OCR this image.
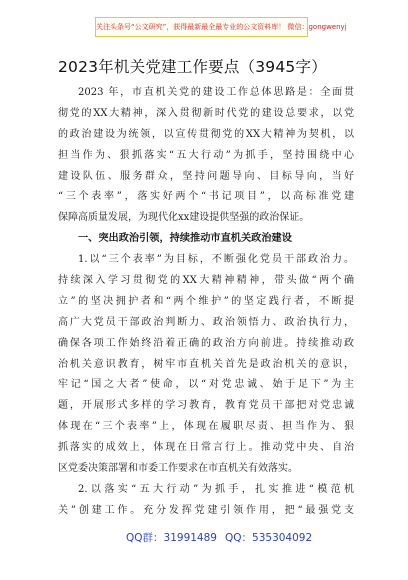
关注头条号“公文研究”，获得最新最全最专业的公文资料库！ 微信：gongwenyj
2023年机关党建工作要点（3945字）
2023 年，市直机关党的建设工作总体思路是：全面贯
彻党的XX大精神，深入贯彻新时代党的建设总要求，以党
的政治建设为统领，以宣传贯彻党的XX大精神为契机，以
担当作为、狠抓落实“五大行动”为抓手，坚持围绕中心
建设队伍、服务群众，坚持问题导向、目标导向，当好
“三个表率”，落实好两个“书记项目”，以高标准党建
保障高质量发展，为现代化xx建设提供坚强的政治保证。
一、突出政治引领，持续推动市直机关政治建设
1.以“三个表率”为目标，不断强化党员干部政治力。
持续深入学习贯彻党的XX大精神精神，带头做“两个确
立”的坚决拥护者和“两个维护”的坚定践行者，不断提
高广大党员干部政治判断力、政治领悟力、政治执行力，
确保各项工作始终沿着正确的政治方向前进。持续推动政
治机关意识教育，树牢市直机关首先是政治机关的意识，
牢记“国之大者”使命，以“对党忠诚、始于足下”为主
题，开展形式多样的学习教育，教育党员干部把对党忠诚
体现在“三个表率”上，体现在履职尽责、担当作为、狠
抓落实的成效上，体现在日常言行上。推动党中央、自治
区党委决策部署和市委工作要求在市直机关有效落实。
2.以落实“五大行动”为抓手，扎实推进“模范机
关”创建工作。充分发挥党建引领作用，把“最强党支
QQ群：31991489 QQ：535304092
